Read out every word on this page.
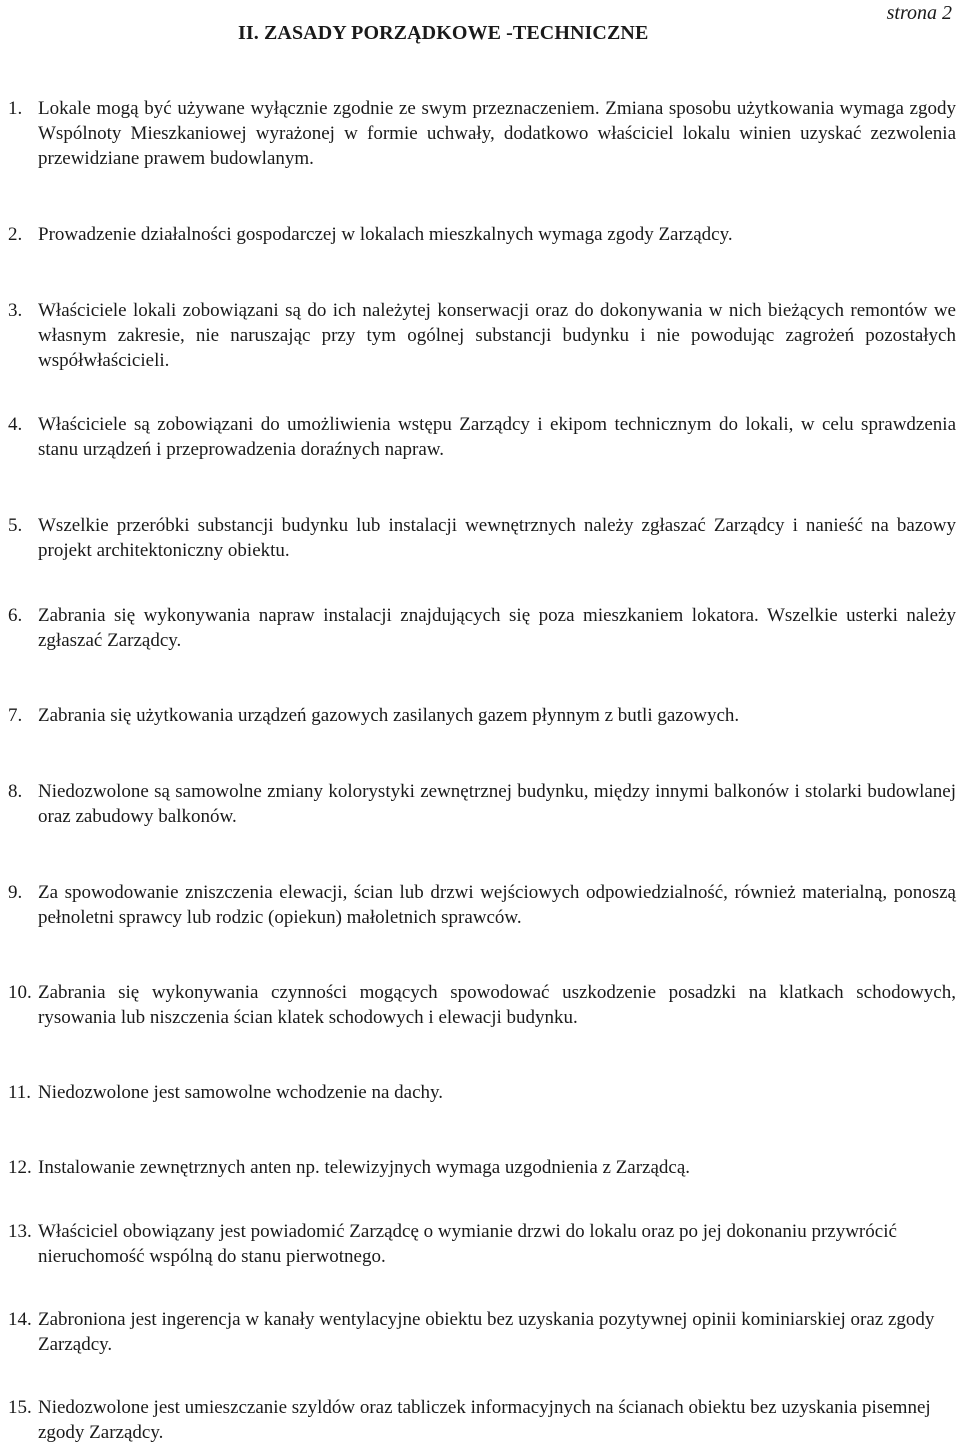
strona 2
II. ZASADY PORZĄDKOWE -TECHNICZNE
1. Lokale mogą być używane wyłącznie zgodnie ze swym przeznaczeniem. Zmiana sposobu użytkowania wymaga zgody Wspólnoty Mieszkaniowej wyrażonej w formie uchwały, dodatkowo właściciel lokalu winien uzyskać zezwolenia przewidziane prawem budowlanym.
2. Prowadzenie działalności gospodarczej w lokalach mieszkalnych wymaga zgody Zarządcy.
3. Właściciele lokali zobowiązani są do ich należytej konserwacji oraz do dokonywania w nich bieżących remontów we własnym zakresie, nie naruszając przy tym ogólnej substancji budynku i nie powodując zagrożeń pozostałych współwłaścicieli.
4. Właściciele są zobowiązani do umożliwienia wstępu Zarządcy i ekipom technicznym do lokali, w celu sprawdzenia stanu urządzeń i przeprowadzenia doraźnych napraw.
5. Wszelkie przeróbki substancji budynku lub instalacji wewnętrznych należy zgłaszać Zarządcy i nanieść na bazowy projekt architektoniczny obiektu.
6. Zabrania się wykonywania napraw instalacji znajdujących się poza mieszkaniem lokatora. Wszelkie usterki należy zgłaszać Zarządcy.
7. Zabrania się użytkowania urządzeń gazowych zasilanych gazem płynnym z butli gazowych.
8. Niedozwolone są samowolne zmiany kolorystyki zewnętrznej budynku, między innymi balkonów i stolarki budowlanej oraz zabudowy balkonów.
9. Za spowodowanie zniszczenia elewacji, ścian lub drzwi wejściowych odpowiedzialność, również materialną, ponoszą pełnoletni sprawcy lub rodzic (opiekun) małoletnich sprawców.
10. Zabrania się wykonywania czynności mogących spowodować uszkodzenie posadzki na klatkach schodowych, rysowania lub niszczenia ścian klatek schodowych i elewacji budynku.
11. Niedozwolone jest samowolne wchodzenie na dachy.
12. Instalowanie zewnętrznych anten np. telewizyjnych wymaga uzgodnienia z Zarządcą.
13. Właściciel obowiązany jest powiadomić Zarządcę o wymianie drzwi do lokalu oraz po jej dokonaniu przywrócić nieruchomość wspólną do stanu pierwotnego.
14. Zabroniona jest ingerencja w kanały wentylacyjne obiektu bez uzyskania pozytywnej opinii kominiarskiej oraz zgody Zarządcy.
15. Niedozwolone jest umieszczanie szyldów oraz tabliczek informacyjnych na ścianach obiektu bez uzyskania pisemnej zgody Zarządcy.
